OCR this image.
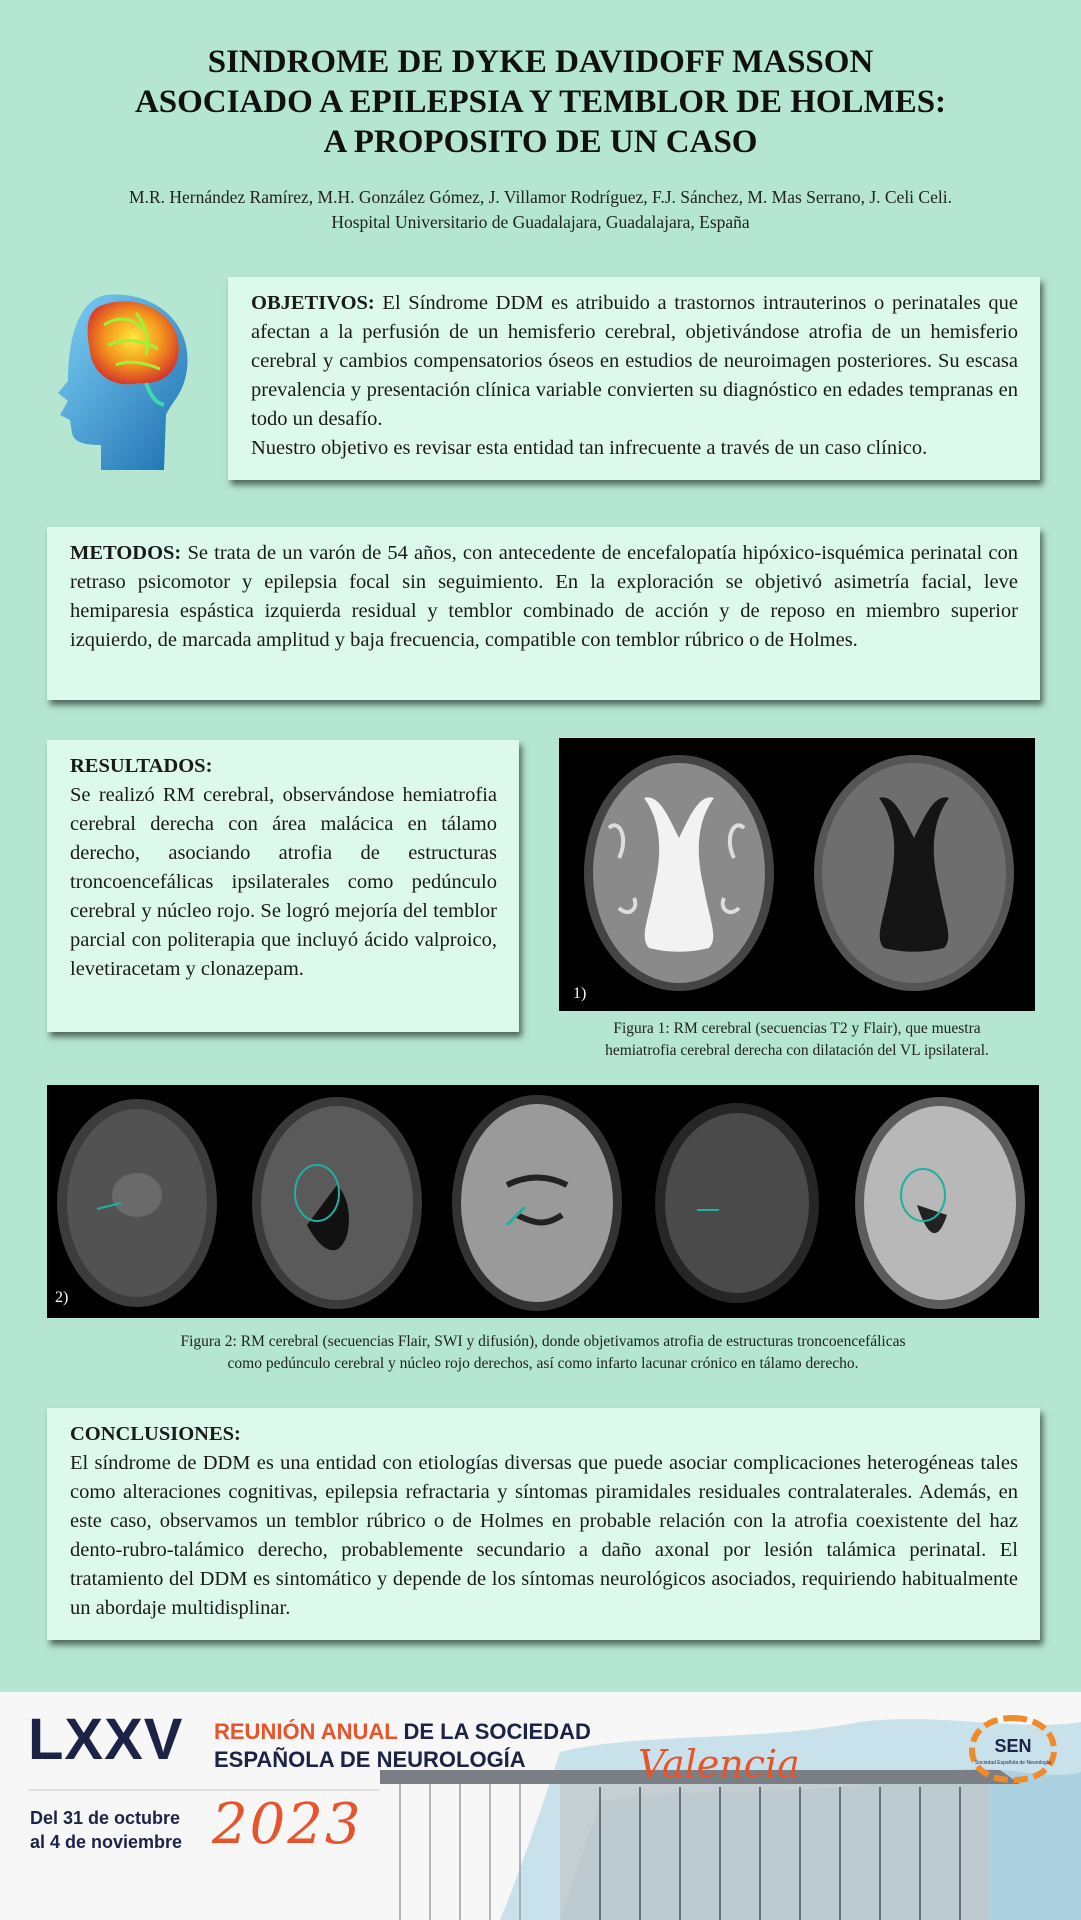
SINDROME DE DYKE DAVIDOFF MASSON
ASOCIADO A EPILEPSIA Y TEMBLOR DE HOLMES:
A PROPOSITO DE UN CASO
M.R. Hernández Ramírez, M.H. González Gómez, J. Villamor Rodríguez, F.J. Sánchez, M. Mas Serrano, J. Celi Celi.
Hospital Universitario de Guadalajara, Guadalajara, España

OBJETIVOS: El Síndrome DDM es atribuido a trastornos intrauterinos o perinatales que afectan a la perfusión de un hemisferio cerebral, objetivándose atrofia de un hemisferio cerebral y cambios compensatorios óseos en estudios de neuroimagen posteriores. Su escasa prevalencia y presentación clínica variable convierten su diagnóstico en edades tempranas en todo un desafío.

Nuestro objetivo es revisar esta entidad tan infrecuente a través de un caso clínico.

METODOS: Se trata de un varón de 54 años, con antecedente de encefalopatía hipóxico-isquémica perinatal con retraso psicomotor y epilepsia focal sin seguimiento. En la exploración se objetivó asimetría facial, leve hemiparesia espástica izquierda residual y temblor combinado de acción y de reposo en miembro superior izquierdo, de marcada amplitud y baja frecuencia, compatible con temblor rúbrico o de Holmes.

RESULTADOS:

Se realizó RM cerebral, observándose hemiatrofia cerebral derecha con área malácica en tálamo derecho, asociando atrofia de estructuras troncoencefálicas ipsilaterales como pedúnculo cerebral y núcleo rojo. Se logró mejoría del temblor parcial con politerapia que incluyó ácido valproico, levetiracetam y clonazepam.

1)
Figura 1: RM cerebral (secuencias T2 y Flair), que muestra
hemiatrofia cerebral derecha con dilatación del VL ipsilateral.
2)
Figura 2: RM cerebral (secuencias Flair, SWI y difusión), donde objetivamos atrofia de estructuras troncoencefálicas
como pedúnculo cerebral y núcleo rojo derechos, así como infarto lacunar crónico en tálamo derecho.

CONCLUSIONES:

El síndrome de DDM es una entidad con etiologías diversas que puede asociar complicaciones heterogéneas tales como alteraciones cognitivas, epilepsia refractaria y síntomas piramidales residuales contralaterales. Además, en este caso, observamos un temblor rúbrico o de Holmes en probable relación con la atrofia coexistente del haz dento-rubro-talámico derecho, probablemente secundario a daño axonal por lesión talámica perinatal. El tratamiento del DDM es sintomático y depende de los síntomas neurológicos asociados, requiriendo habitualmente un abordaje multidisplinar.

LXXV REUNIÓN ANUAL DE LA SOCIEDAD
ESPAÑOLA DE NEUROLOGÍA
Del 31 de octubre
al 4 de noviembre 2023
Valencia	SEN
Sociedad Española de Neurología
